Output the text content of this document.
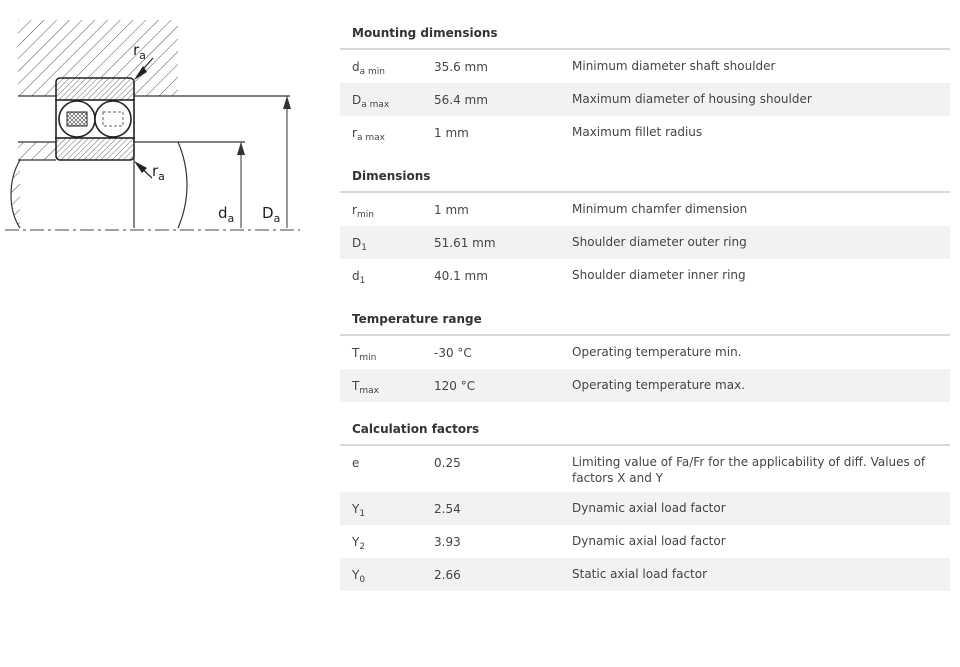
$r_a$
$r_a$
$d_a$ $D_a$
Mounting dimensions
$d_{a min}$	35.6 mm	Minimum diameter shaft shoulder
$D_{a max}$	56.4 mm	Maximum diameter of housing shoulder
$r_{a max}$	1 mm	Maximum fillet radius
Dimensions
$r_{min}$	1 mm	Minimum chamfer dimension
$D_1$	51.61 mm	Shoulder diameter outer ring
$d_1$	40.1 mm	Shoulder diameter inner ring
Temperature range
$T_{min}$	-30 °C	Operating temperature min.
$T_{max}$	120 °C	Operating temperature max.
Calculation factors
e	0.25	Limiting value of Fa/Fr for the applicability of diff. Values of factors X and Y
$Y_1$	2.54	Dynamic axial load factor
$Y_2$	3.93	Dynamic axial load factor
$Y_0$	2.66	Static axial load factor
